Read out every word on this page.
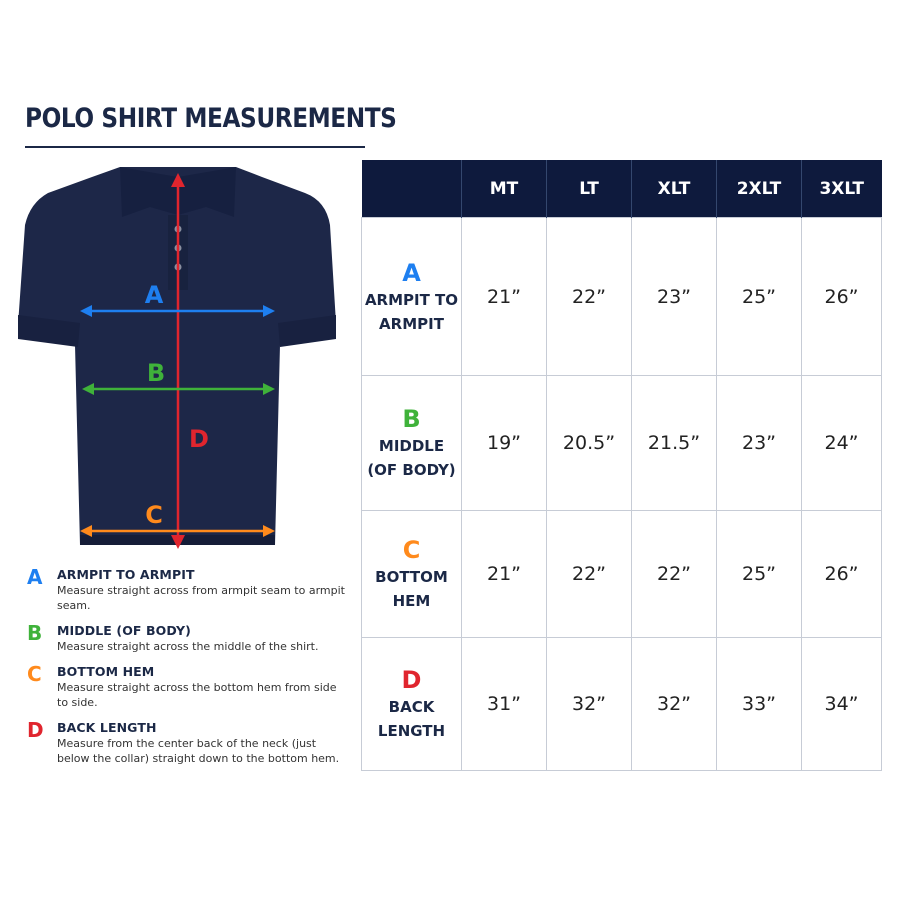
POLO SHIRT MEASUREMENTS
A
B
C
D
A ARMPIT TO ARMPIT
Measure straight across from armpit seam to armpit seam.
B MIDDLE (OF BODY)
Measure straight across the middle of the shirt.
C BOTTOM HEM
Measure straight across the bottom hem from side to side.
D BACK LENGTH
Measure from the center back of the neck (just below the collar) straight down to the bottom hem.
	MT	LT	XLT	2XLT	3XLT

A
ARMPIT TO
ARMPIT	21”	22”	23”	25”	26”

B
MIDDLE
(OF BODY)	19”	20.5”	21.5”	23”	24”

C
BOTTOM
HEM	21”	22”	22”	25”	26”

D
BACK
LENGTH	31”	32”	32”	33”	34”
